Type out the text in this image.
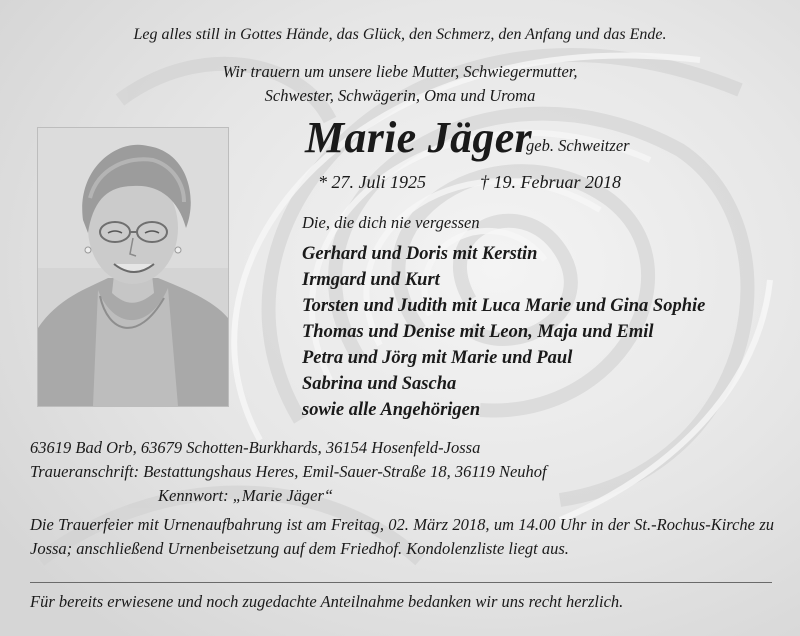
Leg alles still in Gottes Hände, das Glück, den Schmerz, den Anfang und das Ende.
Wir trauern um unsere liebe Mutter, Schwiegermutter,
Schwester, Schwägerin, Oma und Uroma
Marie Jäger
geb. Schweitzer
* 27. Juli 1925	† 19. Februar 2018
Die, die dich nie vergessen
Gerhard und Doris mit Kerstin
Irmgard und Kurt
Torsten und Judith mit Luca Marie und Gina Sophie
Thomas und Denise mit Leon, Maja und Emil
Petra und Jörg mit Marie und Paul
Sabrina und Sascha
sowie alle Angehörigen
63619 Bad Orb, 63679 Schotten-Burkhards, 36154 Hosenfeld-Jossa
Traueranschrift: Bestattungshaus Heres, Emil-Sauer-Straße 18, 36119 Neuhof
Kennwort: „Marie Jäger“
Die Trauerfeier mit Urnenaufbahrung ist am Freitag, 02. März 2018, um 14.00 Uhr in der St.-Rochus-Kirche zu Jossa; anschließend Urnenbeisetzung auf dem Friedhof. Kondolenzliste liegt aus.
Für bereits erwiesene und noch zugedachte Anteilnahme bedanken wir uns recht herzlich.
